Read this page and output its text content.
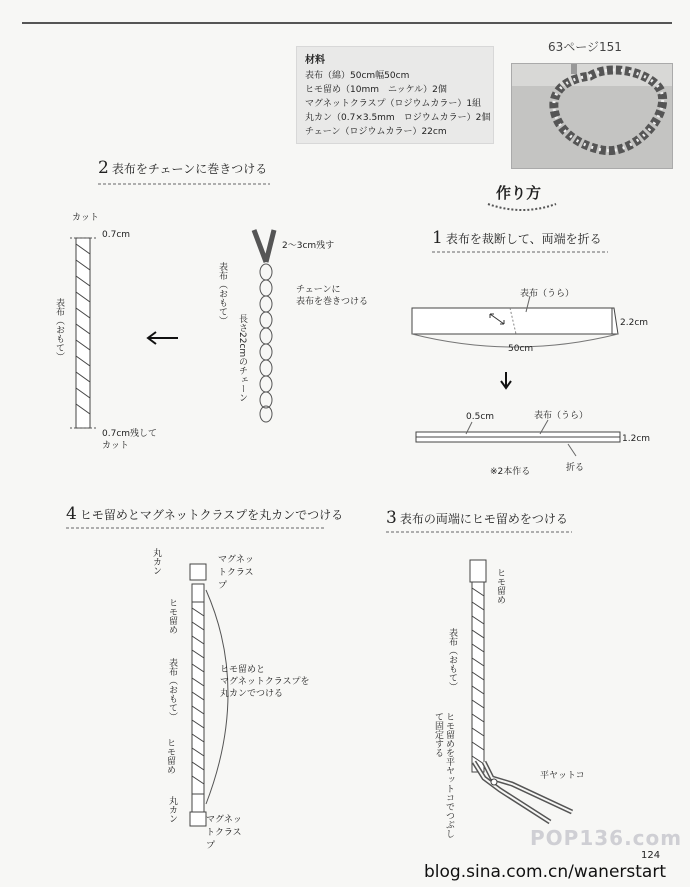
材料
表布（綿）50cm幅50cm
ヒモ留め（10mm　ニッケル）2個
マグネットクラスプ（ロジウムカラー）1組
丸カン（0.7×3.5mm　ロジウムカラー）2個
チェーン（ロジウムカラー）22cm
63ページ151
2 表布をチェーンに巻きつける
作り方
1 表布を裁断して、両端を折る
表布（うら）
2.2cm
50cm
0.5cm	表布（うら）
1.2cm
※2本作る	折る
カット
0.7cm
表布（おもて）
0.7cm残して
カット
2〜3cm残す
表布（おもて）	チェーンに
表布を巻きつける
長さ22cmのチェーン
4 ヒモ留めとマグネットクラスプを丸カンでつける
丸カン	マグネットクラスプ
ヒモ留め
表布（おもて）	ヒモ留めと
マグネットクラスプを
丸カンでつける
ヒモ留め
丸カン	マグネットクラスプ
3 表布の両端にヒモ留めをつける
ヒモ留め
表布（おもて）
ヒモ留めを平ヤットコでつぶして固定する
平ヤットコ
POP136.com
124
blog.sina.com.cn/wanerstart
